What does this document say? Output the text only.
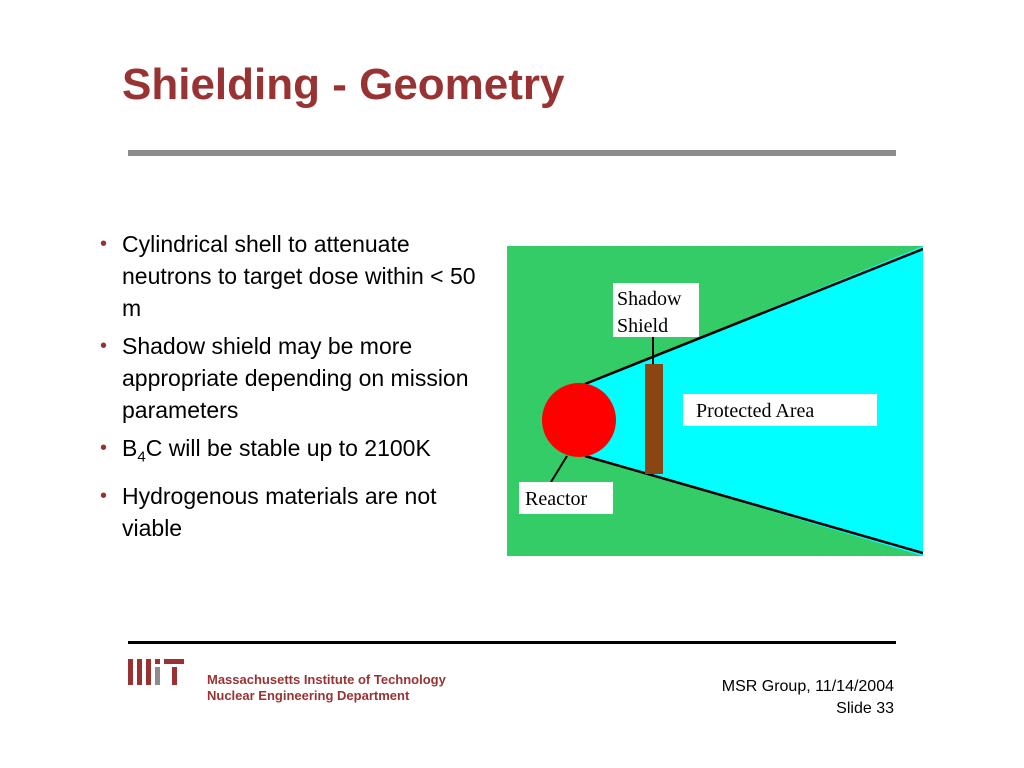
Shielding - Geometry
• Cylindrical shell to attenuate neutrons to target dose within < 50 m
• Shadow shield may be more appropriate depending on mission parameters
• $B_4C$ will be stable up to 2100K
• Hydrogenous materials are not viable
Shadow
Shield
Protected Area
Reactor
Massachusetts Institute of Technology
Nuclear Engineering Department
MSR Group, 11/14/2004
Slide 33
